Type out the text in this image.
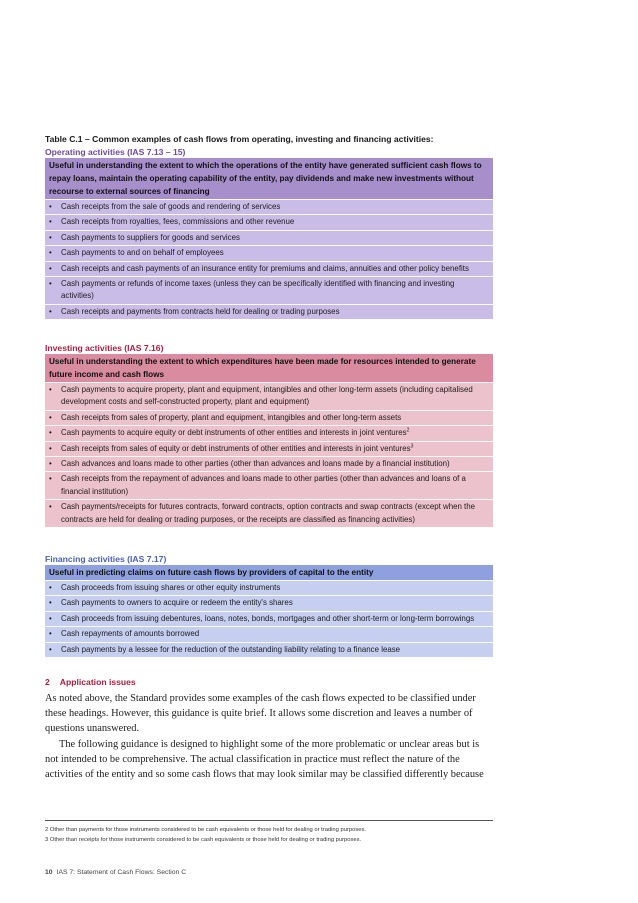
Table C.1 – Common examples of cash flows from operating, investing and financing activities:
Operating activities (IAS 7.13 – 15)
Useful in understanding the extent to which the operations of the entity have generated sufficient cash flows to repay loans, maintain the operating capability of the entity, pay dividends and make new investments without recourse to external sources of financing
•	Cash receipts from the sale of goods and rendering of services
•	Cash receipts from royalties, fees, commissions and other revenue
•	Cash payments to suppliers for goods and services
•	Cash payments to and on behalf of employees
•	Cash receipts and cash payments of an insurance entity for premiums and claims, annuities and other policy benefits
•	Cash payments or refunds of income taxes (unless they can be specifically identified with financing and investing activities)
•	Cash receipts and payments from contracts held for dealing or trading purposes
Investing activities (IAS 7.16)
Useful in understanding the extent to which expenditures have been made for resources intended to generate future income and cash flows
•	Cash payments to acquire property, plant and equipment, intangibles and other long-term assets (including capitalised development costs and self-constructed property, plant and equipment)
•	Cash receipts from sales of property, plant and equipment, intangibles and other long-term assets
•	Cash payments to acquire equity or debt instruments of other entities and interests in joint ventures$^2$
•	Cash receipts from sales of equity or debt instruments of other entities and interests in joint ventures$^3$
•	Cash advances and loans made to other parties (other than advances and loans made by a financial institution)
•	Cash receipts from the repayment of advances and loans made to other parties (other than advances and loans of a financial institution)
•	Cash payments/receipts for futures contracts, forward contracts, option contracts and swap contracts (except when the contracts are held for dealing or trading purposes, or the receipts are classified as financing activities)
Financing activities (IAS 7.17)
Useful in predicting claims on future cash flows by providers of capital to the entity
•	Cash proceeds from issuing shares or other equity instruments
•	Cash payments to owners to acquire or redeem the entity's shares
•	Cash proceeds from issuing debentures, loans, notes, bonds, mortgages and other short-term or long-term borrowings
•	Cash repayments of amounts borrowed
•	Cash payments by a lessee for the reduction of the outstanding liability relating to a finance lease
2 Application issues

As noted above, the Standard provides some examples of the cash flows expected to be classified under these headings. However, this guidance is quite brief. It allows some discretion and leaves a number of questions unanswered.

The following guidance is designed to highlight some of the more problematic or unclear areas but is not intended to be comprehensive. The actual classification in practice must reflect the nature of the activities of the entity and so some cash flows that may look similar may be classified differently because

2 Other than payments for those instruments considered to be cash equivalents or those held for dealing or trading purposes.
3 Other than receipts for those instruments considered to be cash equivalents or those held for dealing or trading purposes.
10 IAS 7: Statement of Cash Flows: Section C
